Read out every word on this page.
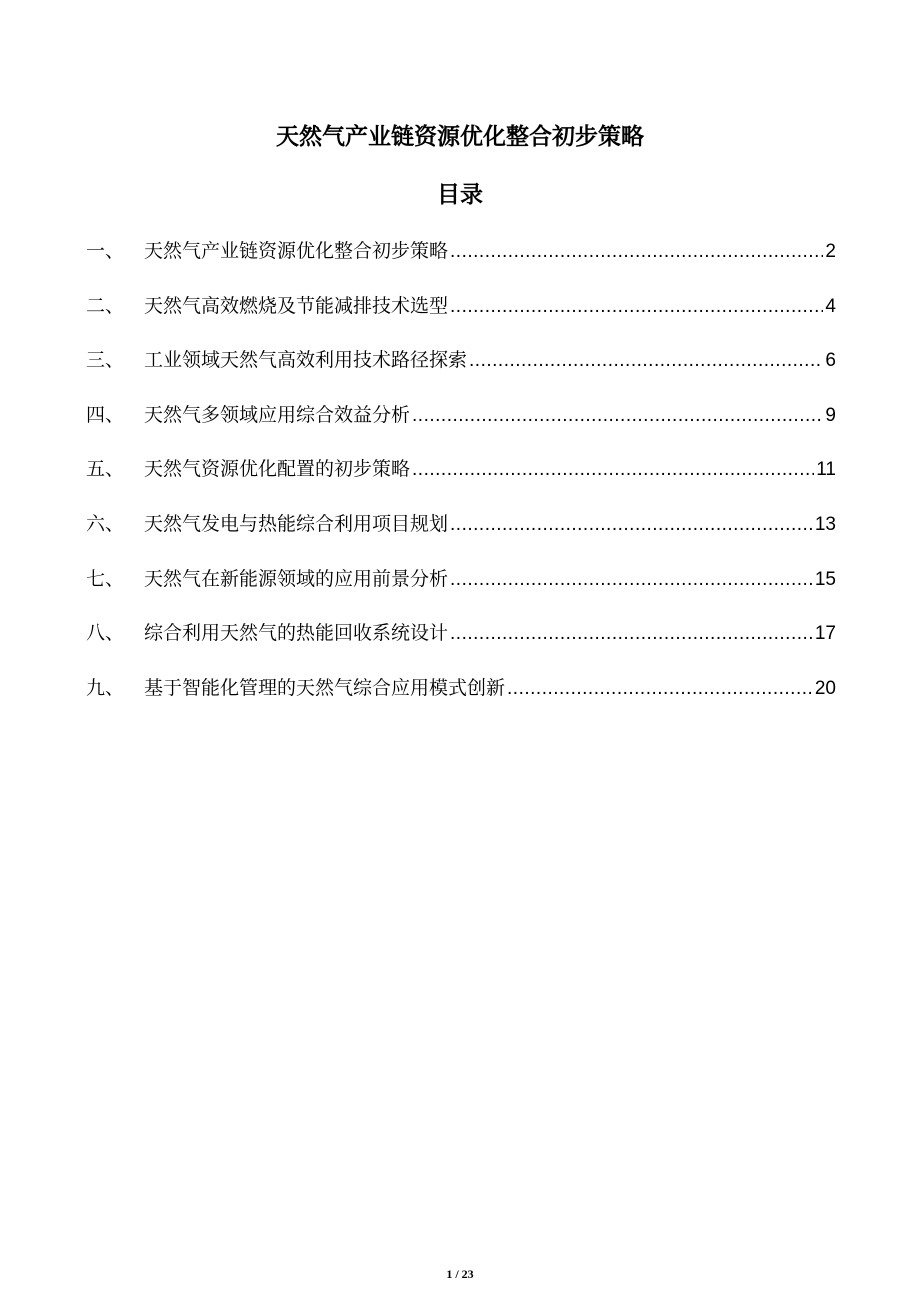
天然气产业链资源优化整合初步策略
目录
一、	天然气产业链资源优化整合初步策略 .....	2
二、	天然气高效燃烧及节能减排技术选型 .....	4
三、	工业领域天然气高效利用技术路径探索 .....	6
四、	天然气多领域应用综合效益分析 .....	9
五、	天然气资源优化配置的初步策略 .....	11
六、	天然气发电与热能综合利用项目规划 .....	13
七、	天然气在新能源领域的应用前景分析 .....	15
八、	综合利用天然气的热能回收系统设计 .....	17
九、	基于智能化管理的天然气综合应用模式创新 .....	20
1 / 23
